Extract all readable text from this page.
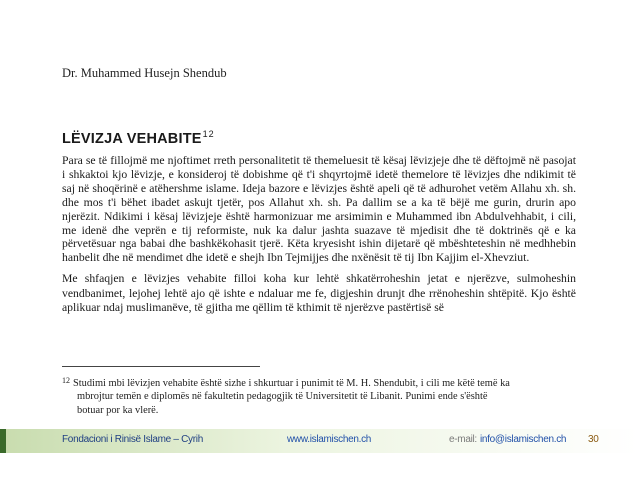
Dr. Muhammed Husejn Shendub
LËVIZJA VEHABITE$^{12}$

Para se të fillojmë me njoftimet rreth personalitetit të themeluesit të kësaj lëvizjeje dhe të dëftojmë në pasojat i shkaktoi kjo lëvizje, e konsideroj të dobishme që t'i shqyrtojmë idetë themelore të lëvizjes dhe ndikimit të saj në shoqërinë e atëhershme islame. Ideja bazore e lëvizjes është apeli që të adhurohet vetëm Allahu xh. sh. dhe mos t'i bëhet ibadet askujt tjetër, pos Allahut xh. sh. Pa dallim se a ka të bëjë me gurin, drurin apo njerëzit. Ndikimi i kësaj lëvizjeje është harmonizuar me arsimimin e Muhammed ibn Abdulvehhabit, i cili, me idenë dhe veprën e tij reformiste, nuk ka dalur jashta suazave të mjedisit dhe të doktrinës që e ka përvetësuar nga babai dhe bashkëkohasit tjerë. Këta kryesisht ishin dijetarë që mbështeteshin në medhhebin hanbelit dhe në mendimet dhe idetë e shejh Ibn Tejmijjes dhe nxënësit të tij Ibn Kajjim el-Xhevziut.

Me shfaqjen e lëvizjes vehabite filloi koha kur lehtë shkatërroheshin jetat e njerëzve, sulmoheshin vendbanimet, lejohej lehtë ajo që ishte e ndaluar me fe, digjeshin drunjt dhe rrënoheshin shtëpitë. Kjo është aplikuar ndaj muslimanëve, të gjitha me qëllim të kthimit të njerëzve pastërtisë së

$^{12}$ Studimi mbi lëvizjen vehabite është sizhe i shkurtuar i punimit të M. H. Shendubit, i cili me këtë temë ka
mbrojtur temën e diplomës në fakultetin pedagogjik të Universitetit të Libanit. Punimi ende s'është
botuar por ka vlerë.
Fondacioni i Rinisë Islame – Cyrih	www.islamischen.ch	e-mail: info@islamischen.ch 30
